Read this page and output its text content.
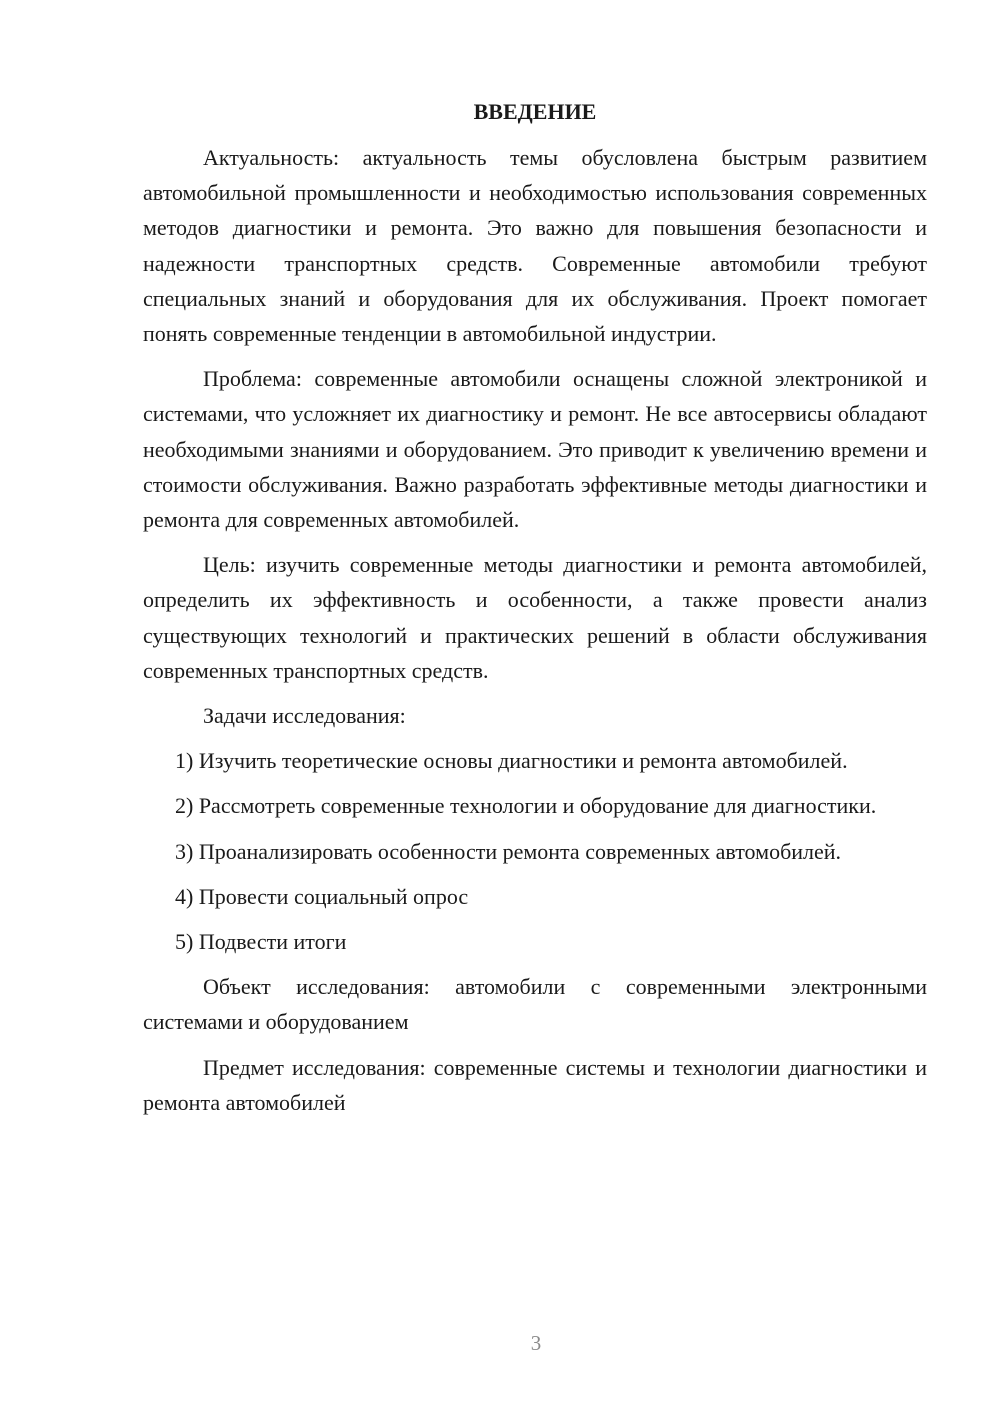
ВВЕДЕНИЕ

Актуальность: актуальность темы обусловлена быстрым развитием автомобильной промышленности и необходимостью использования современных методов диагностики и ремонта. Это важно для повышения безопасности и надежности транспортных средств. Современные автомобили требуют специальных знаний и оборудования для их обслуживания. Проект помогает понять современные тенденции в автомобильной индустрии.

Проблема: современные автомобили оснащены сложной электроникой и системами, что усложняет их диагностику и ремонт. Не все автосервисы обладают необходимыми знаниями и оборудованием. Это приводит к увеличению времени и стоимости обслуживания. Важно разработать эффективные методы диагностики и ремонта для современных автомобилей.

Цель: изучить современные методы диагностики и ремонта автомобилей, определить их эффективность и особенности, а также провести анализ существующих технологий и практических решений в области обслуживания современных транспортных средств.

Задачи исследования:

1) Изучить теоретические основы диагностики и ремонта автомобилей.

2) Рассмотреть современные технологии и оборудование для диагностики.

3) Проанализировать особенности ремонта современных автомобилей.

4) Провести социальный опрос

5) Подвести итоги

Объект исследования: автомобили с современными электронными системами и оборудованием

Предмет исследования: современные системы и технологии диагностики и ремонта автомобилей

3
